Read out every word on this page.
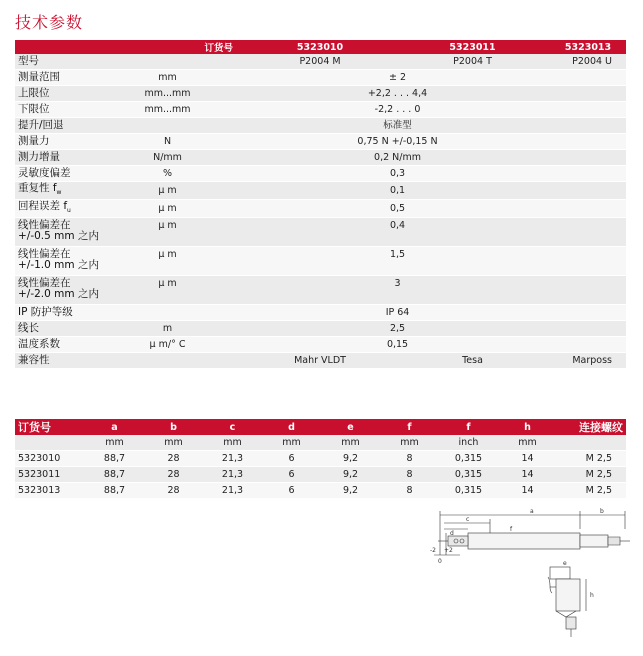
技术参数
订货号		5323010	5323011	5323013
型号		P2004 M	P2004 T	P2004 U
测量范围	mm	± 2		
上限位	mm...mm	+2,2 . . . 4,4		
下限位	mm...mm	-2,2 . . . 0		
提升/回退		标准型		
测量力	N	0,75 N +/-0,15 N		
测力增量	N/mm	0,2 N/mm		
灵敏度偏差	%	0,3		
重复性 $f_w$	µ m	0,1		
回程误差 $f_u$	µ m	0,5		
线性偏差在
+/-0.5 mm 之内	µ m	0,4		
线性偏差在
+/-1.0 mm 之内	µ m	1,5		
线性偏差在
+/-2.0 mm 之内	µ m	3		
IP 防护等级		IP 64		
线长	m	2,5		
温度系数	µ m/° C	0,15		
兼容性		Mahr VLDT	Tesa	Marposs
订货号	a	b	c	d	e	f	f	h	连接螺纹
	mm	mm	mm	mm	mm	mm	inch	mm	
5323010	88,7	28	21,3	6	9,2	8	0,315	14	M 2,5
5323011	88,7	28	21,3	6	9,2	8	0,315	14	M 2,5
5323013	88,7	28	21,3	6	9,2	8	0,315	14	M 2,5
a	b
c
d
f
-2 +2
0	e
h
